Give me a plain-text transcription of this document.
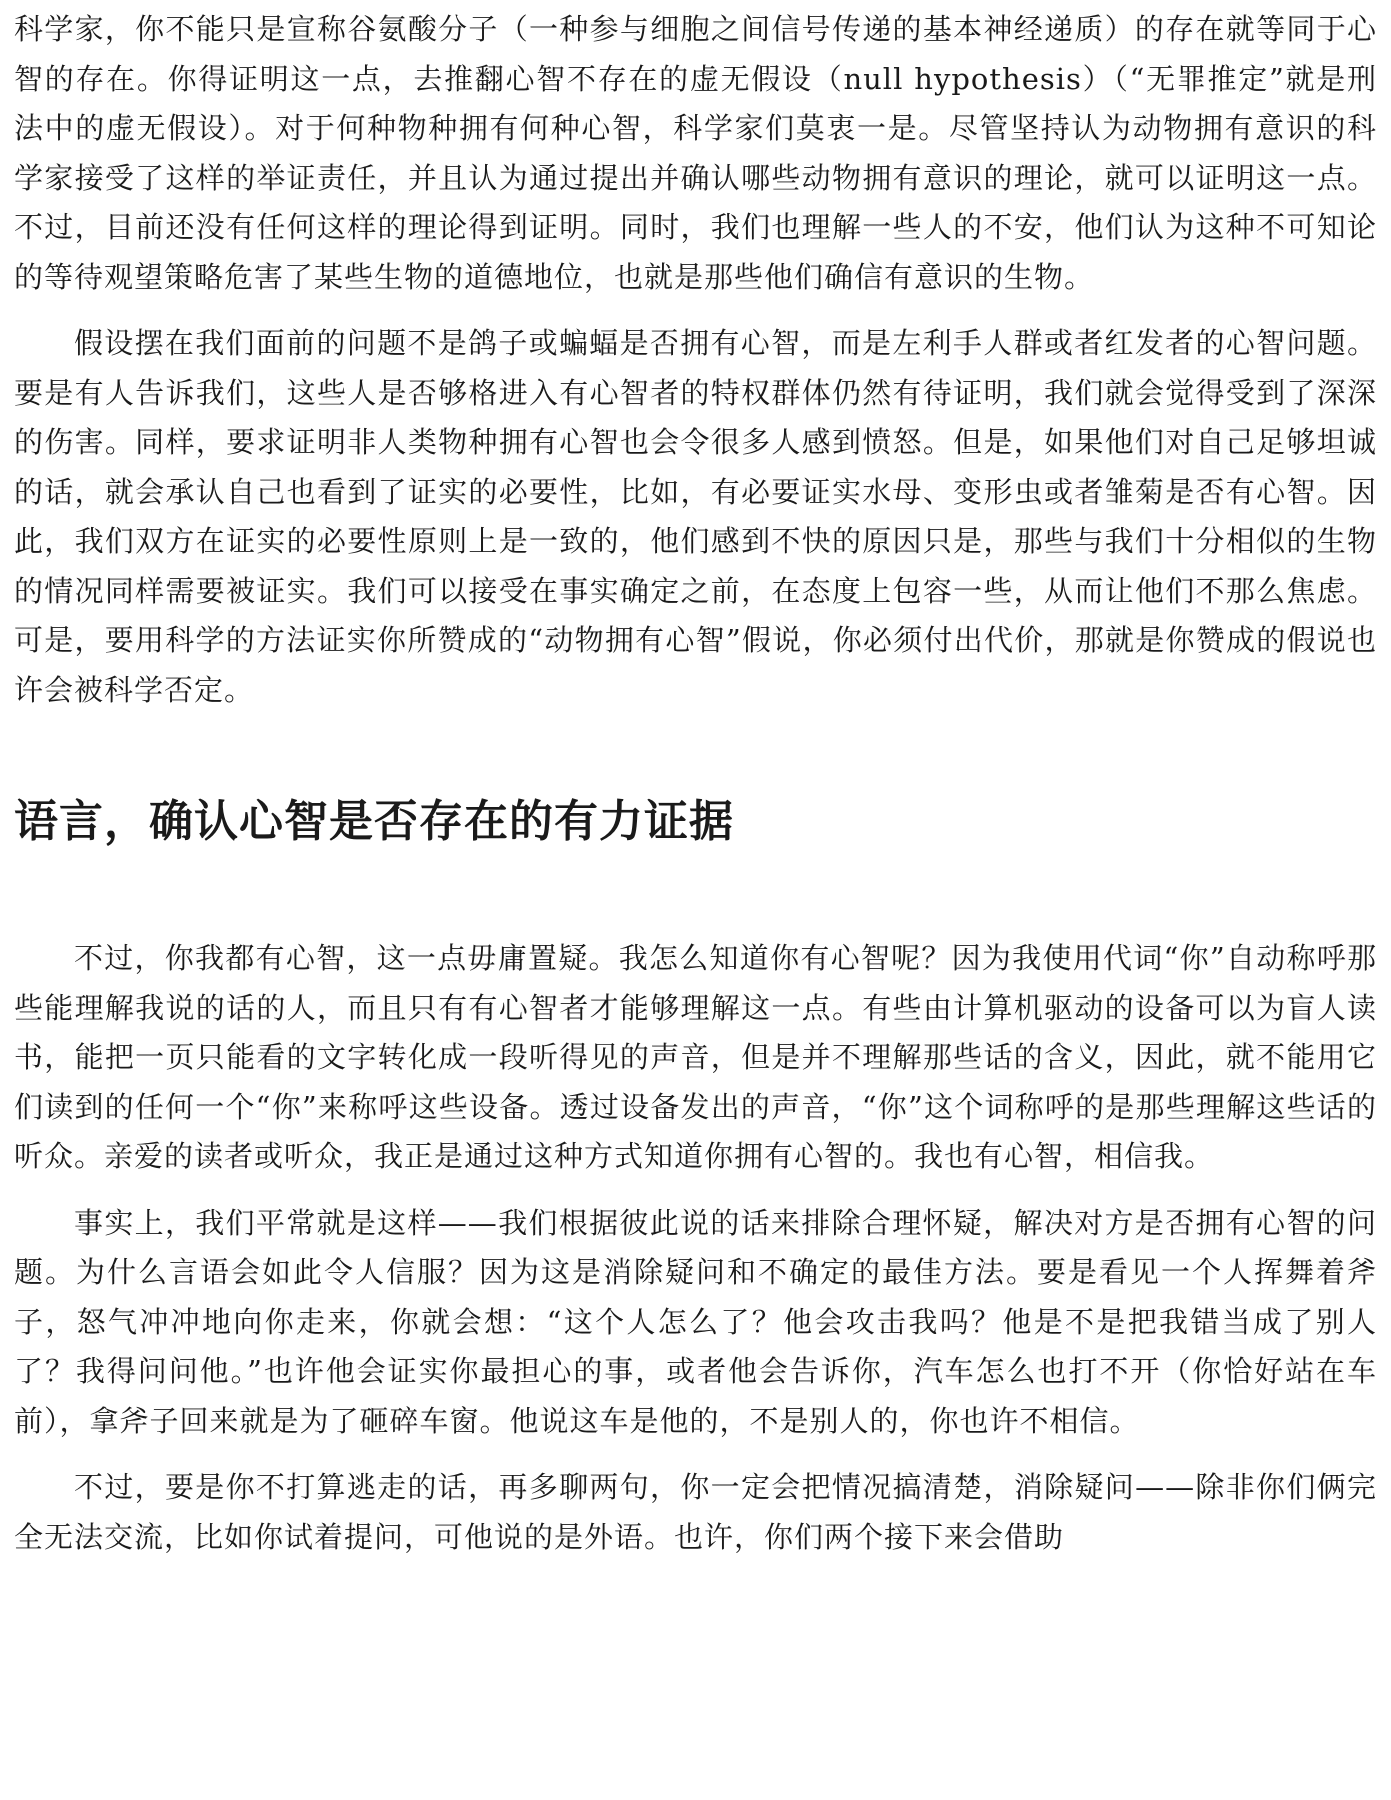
科学家，你不能只是宣称谷氨酸分子（一种参与细胞之间信号传递的基本神经递质）的存在就等同于心智的存在。你得证明这一点，去推翻心智不存在的虚无假设（null hypothesis）（“无罪推定”就是刑法中的虚无假设）。对于何种物种拥有何种心智，科学家们莫衷一是。尽管坚持认为动物拥有意识的科学家接受了这样的举证责任，并且认为通过提出并确认哪些动物拥有意识的理论，就可以证明这一点。不过，目前还没有任何这样的理论得到证明。同时，我们也理解一些人的不安，他们认为这种不可知论的等待观望策略危害了某些生物的道德地位，也就是那些他们确信有意识的生物。

假设摆在我们面前的问题不是鸽子或蝙蝠是否拥有心智，而是左利手人群或者红发者的心智问题。要是有人告诉我们，这些人是否够格进入有心智者的特权群体仍然有待证明，我们就会觉得受到了深深的伤害。同样，要求证明非人类物种拥有心智也会令很多人感到愤怒。但是，如果他们对自己足够坦诚的话，就会承认自己也看到了证实的必要性，比如，有必要证实水母、变形虫或者雏菊是否有心智。因此，我们双方在证实的必要性原则上是一致的，他们感到不快的原因只是，那些与我们十分相似的生物的情况同样需要被证实。我们可以接受在事实确定之前，在态度上包容一些，从而让他们不那么焦虑。可是，要用科学的方法证实你所赞成的“动物拥有心智”假说，你必须付出代价，那就是你赞成的假说也许会被科学否定。

语言，确认心智是否存在的有力证据

不过，你我都有心智，这一点毋庸置疑。我怎么知道你有心智呢？因为我使用代词“你”自动称呼那些能理解我说的话的人，而且只有有心智者才能够理解这一点。有些由计算机驱动的设备可以为盲人读书，能把一页只能看的文字转化成一段听得见的声音，但是并不理解那些话的含义，因此，就不能用它们读到的任何一个“你”来称呼这些设备。透过设备发出的声音，“你”这个词称呼的是那些理解这些话的听众。亲爱的读者或听众，我正是通过这种方式知道你拥有心智的。我也有心智，相信我。

事实上，我们平常就是这样——我们根据彼此说的话来排除合理怀疑，解决对方是否拥有心智的问题。为什么言语会如此令人信服？因为这是消除疑问和不确定的最佳方法。要是看见一个人挥舞着斧子，怒气冲冲地向你走来，你就会想：“这个人怎么了？他会攻击我吗？他是不是把我错当成了别人了？我得问问他。”也许他会证实你最担心的事，或者他会告诉你，汽车怎么也打不开（你恰好站在车前），拿斧子回来就是为了砸碎车窗。他说这车是他的，不是别人的，你也许不相信。

不过，要是你不打算逃走的话，再多聊两句，你一定会把情况搞清楚，消除疑问——除非你们俩完全无法交流，比如你试着提问，可他说的是外语。也许，你们两个接下来会借助
